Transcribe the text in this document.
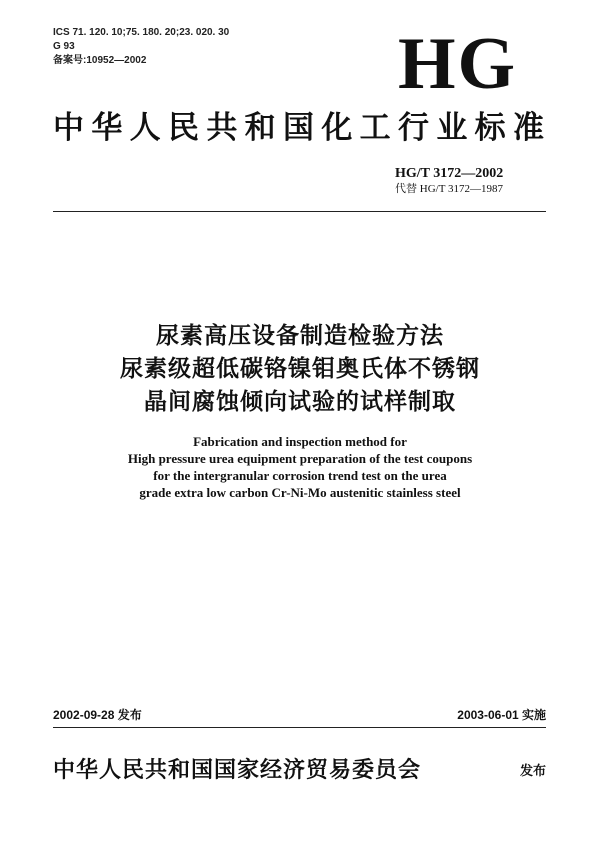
ICS 71. 120. 10;75. 180. 20;23. 020. 30
G 93
备案号:10952—2002	HG
中华人民共和国化工行业标准
HG/T 3172—2002
代替 HG/T 3172—1987
尿素高压设备制造检验方法
尿素级超低碳铬镍钼奥氏体不锈钢
晶间腐蚀倾向试验的试样制取
Fabrication and inspection method for
High pressure urea equipment preparation of the test coupons
for the intergranular corrosion trend test on the urea
grade extra low carbon Cr-Ni-Mo austenitic stainless steel
2002-09-28 发布	2003-06-01 实施
中华人民共和国国家经济贸易委员会	发布
